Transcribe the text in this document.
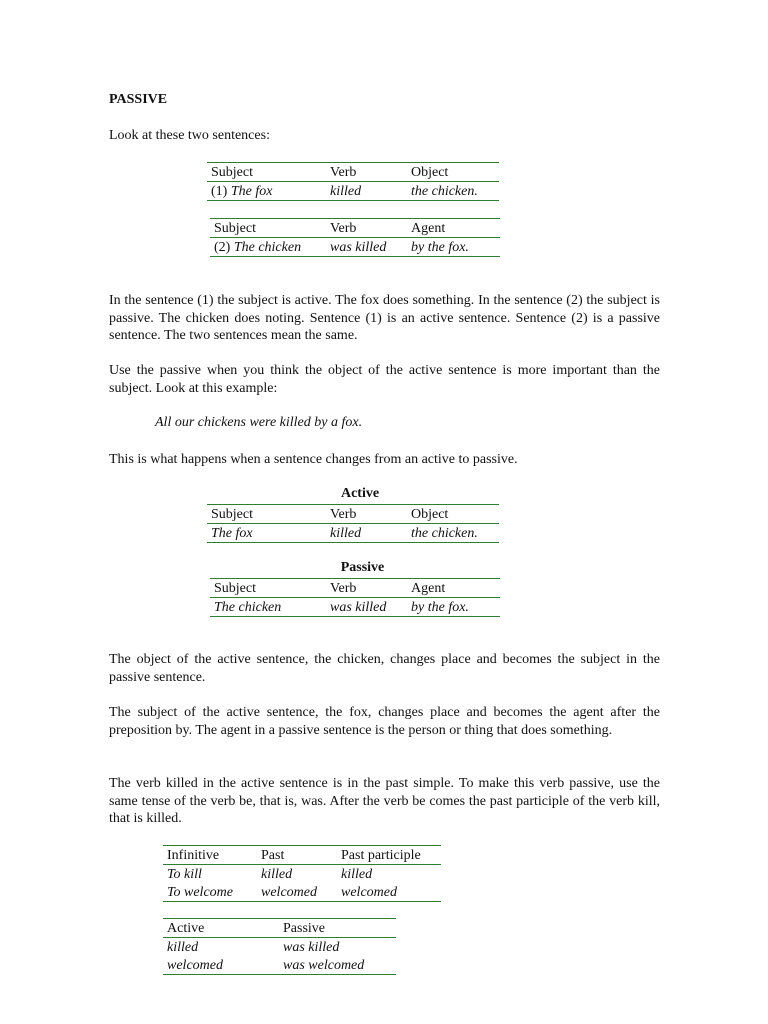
PASSIVE
Look at these two sentences:
Subject	Verb	Object
(1) The fox	killed	the chicken.
Subject	Verb	Agent
(2) The chicken	was killed	by the fox.
In the sentence (1) the subject is active. The fox does something. In the sentence (2) the subject is passive. The chicken does noting. Sentence (1) is an active sentence. Sentence (2) is a passive sentence. The two sentences mean the same.
Use the passive when you think the object of the active sentence is more important than the subject. Look at this example:
All our chickens were killed by a fox.
This is what happens when a sentence changes from an active to passive.
Active
Subject	Verb	Object
The fox	killed	the chicken.
Passive
Subject	Verb	Agent
The chicken	was killed	by the fox.
The object of the active sentence, the chicken, changes place and becomes the subject in the passive sentence.
The subject of the active sentence, the fox, changes place and becomes the agent after the preposition by. The agent in a passive sentence is the person or thing that does something.
The verb killed in the active sentence is in the past simple. To make this verb passive, use the same tense of the verb be, that is, was. After the verb be comes the past participle of the verb kill, that is killed.
Infinitive	Past	Past participle
To kill	killed	killed
To welcome	welcomed	welcomed
Active	Passive
killed	was killed
welcomed	was welcomed
